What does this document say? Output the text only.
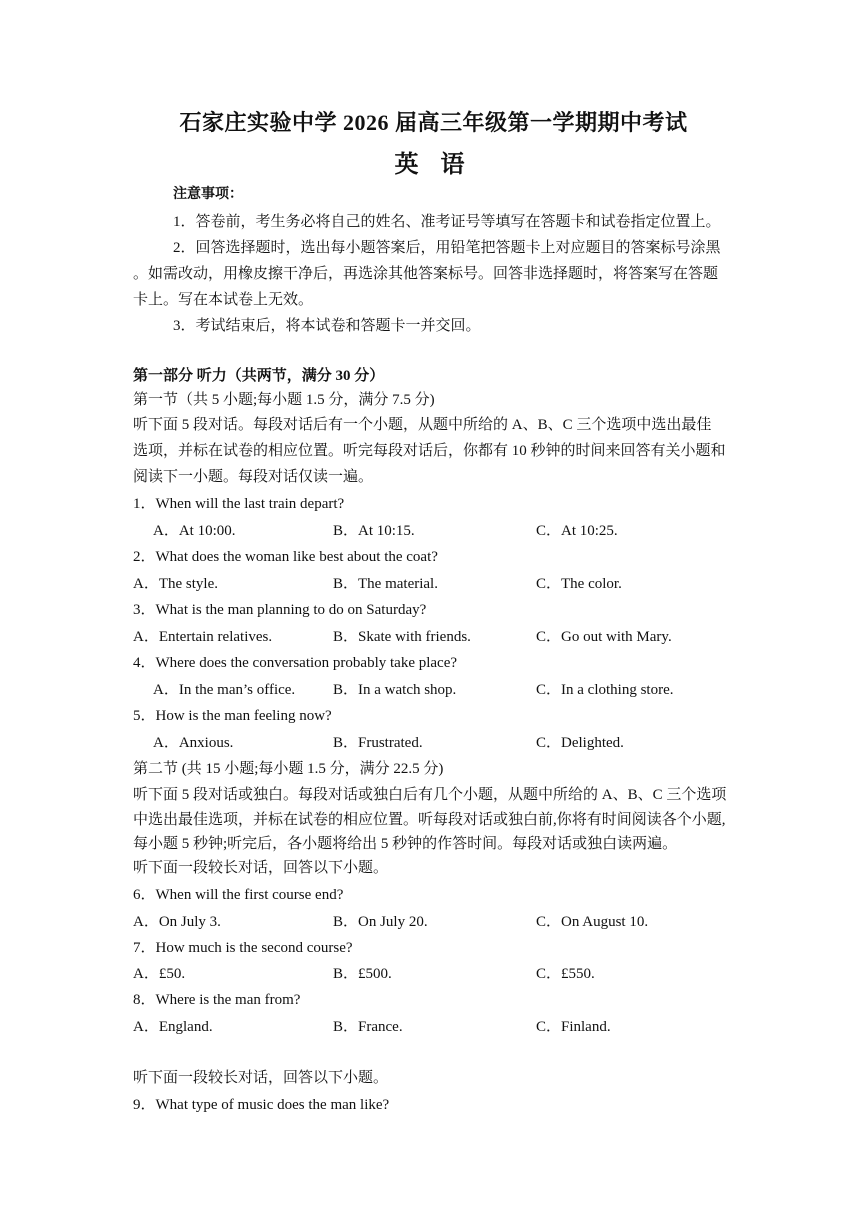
石家庄实验中学 2026 届高三年级第一学期期中考试
英 语
注意事项：
1．答卷前，考生务必将自己的姓名、准考证号等填写在答题卡和试卷指定位置上。
2．回答选择题时，选出每小题答案后，用铅笔把答题卡上对应题目的答案标号涂黑
。如需改动，用橡皮擦干净后，再选涂其他答案标号。回答非选择题时，将答案写在答题
卡上。写在本试卷上无效。
3．考试结束后，将本试卷和答题卡一并交回。
第一部分 听力（共两节，满分 30 分）
第一节（共 5 小题;每小题 1.5 分，满分 7.5 分)
听下面 5 段对话。每段对话后有一个小题，从题中所给的 A、B、C 三个选项中选出最佳
选项，并标在试卷的相应位置。听完每段对话后，你都有 10 秒钟的时间来回答有关小题和
阅读下一小题。每段对话仅读一遍。
1．When will the last train depart?
A．At 10:00.	B．At 10:15.	C．At 10:25.
2．What does the woman like best about the coat?
A．The style.	B．The material.	C．The color.
3．What is the man planning to do on Saturday?
A．Entertain relatives.	B．Skate with friends.	C．Go out with Mary.
4．Where does the conversation probably take place?
A．In the man’s office.	B．In a watch shop.	C．In a clothing store.
5．How is the man feeling now?
A．Anxious.	B．Frustrated.	C．Delighted.
第二节 (共 15 小题;每小题 1.5 分，满分 22.5 分)
听下面 5 段对话或独白。每段对话或独白后有几个小题，从题中所给的 A、B、C 三个选项
中选出最佳选项，并标在试卷的相应位置。听每段对话或独白前,你将有时间阅读各个小题,
每小题 5 秒钟;听完后，各小题将给出 5 秒钟的作答时间。每段对话或独白读两遍。
听下面一段较长对话，回答以下小题。
6．When will the first course end?
A．On July 3.	B．On July 20.	C．On August 10.
7．How much is the second course?
A．£50.	B．£500.	C．£550.
8．Where is the man from?
A．England.	B．France.	C．Finland.
听下面一段较长对话，回答以下小题。
9．What type of music does the man like?
